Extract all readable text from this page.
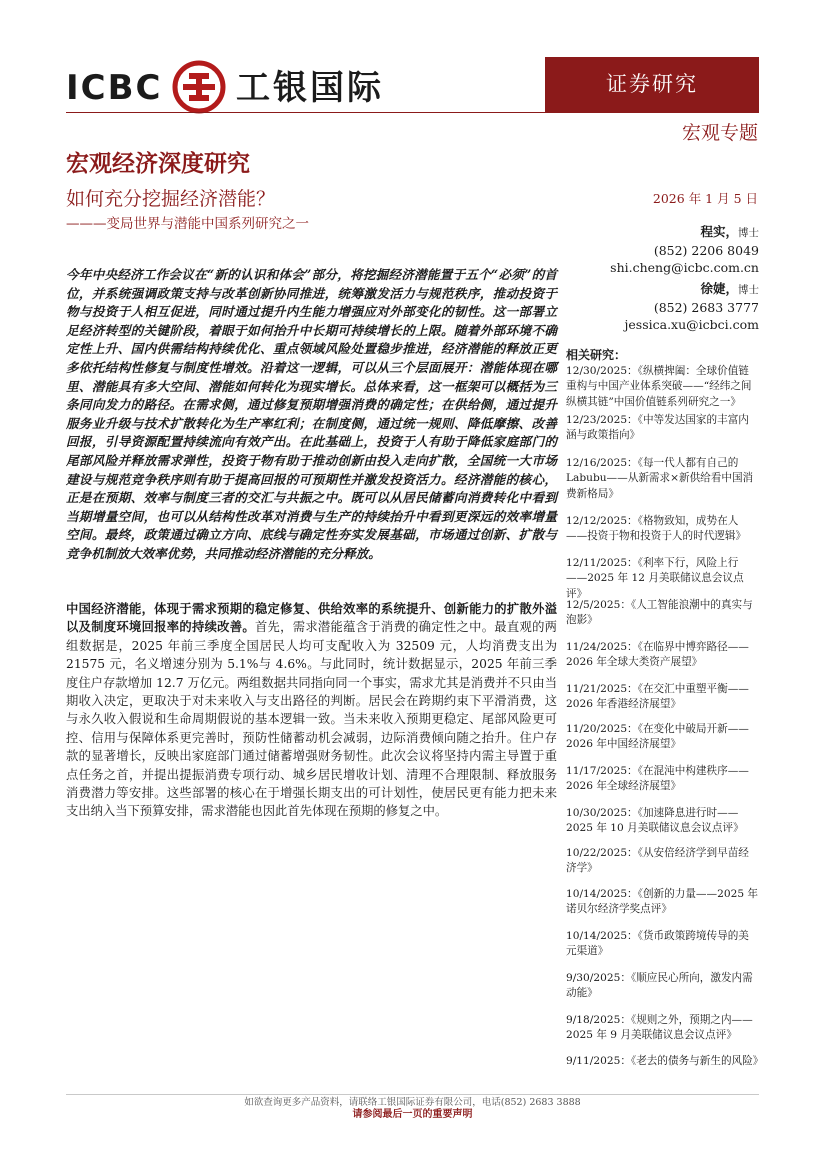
ICBC 工银国际	证券研究
宏观专题
宏观经济深度研究
如何充分挖掘经济潜能？
———变局世界与潜能中国系列研究之一
2026 年 1 月 5 日
程实，博士
(852) 2206 8049
shi.cheng@icbc.com.cn
徐婕，博士
(852) 2683 3777
jessica.xu@icbci.com
今年中央经济工作会议在“新的认识和体会”部分，将挖掘经济潜能置于五个“必须”的首位，并系统强调政策支持与改革创新协同推进，统筹激发活力与规范秩序，推动投资于物与投资于人相互促进，同时通过提升内生能力增强应对外部变化的韧性。这一部署立足经济转型的关键阶段，着眼于如何抬升中长期可持续增长的上限。随着外部环境不确定性上升、国内供需结构持续优化、重点领域风险处置稳步推进，经济潜能的释放正更多依托结构性修复与制度性增效。沿着这一逻辑，可以从三个层面展开：潜能体现在哪里、潜能具有多大空间、潜能如何转化为现实增长。总体来看，这一框架可以概括为三条同向发力的路径。在需求侧，通过修复预期增强消费的确定性；在供给侧，通过提升服务业升级与技术扩散转化为生产率红利；在制度侧，通过统一规则、降低摩擦、改善回报，引导资源配置持续流向有效产出。在此基础上，投资于人有助于降低家庭部门的尾部风险并释放需求弹性，投资于物有助于推动创新由投入走向扩散，全国统一大市场建设与规范竞争秩序则有助于提高回报的可预期性并激发投资活力。经济潜能的核心，正是在预期、效率与制度三者的交汇与共振之中。既可以从居民储蓄向消费转化中看到当期增量空间，也可以从结构性改革对消费与生产的持续抬升中看到更深远的效率增量空间。最终，政策通过确立方向、底线与确定性夯实发展基础，市场通过创新、扩散与竞争机制放大效率优势，共同推动经济潜能的充分释放。
中国经济潜能，体现于需求预期的稳定修复、供给效率的系统提升、创新能力的扩散外溢以及制度环境回报率的持续改善。首先，需求潜能蕴含于消费的确定性之中。最直观的两组数据是，2025 年前三季度全国居民人均可支配收入为 32509 元，人均消费支出为 21575 元，名义增速分别为 5.1%与 4.6%。与此同时，统计数据显示，2025 年前三季度住户存款增加 12.7 万亿元。两组数据共同指向同一个事实，需求尤其是消费并不只由当期收入决定，更取决于对未来收入与支出路径的判断。居民会在跨期约束下平滑消费，这与永久收入假说和生命周期假说的基本逻辑一致。当未来收入预期更稳定、尾部风险更可控、信用与保障体系更完善时，预防性储蓄动机会减弱，边际消费倾向随之抬升。住户存款的显著增长，反映出家庭部门通过储蓄增强财务韧性。此次会议将坚持内需主导置于重点任务之首，并提出提振消费专项行动、城乡居民增收计划、清理不合理限制、释放服务消费潜力等安排。这些部署的核心在于增强长期支出的可计划性，使居民更有能力把未来支出纳入当下预算安排，需求潜能也因此首先体现在预期的修复之中。
相关研究：
12/30/2025：《纵横捭阖：全球价值链重构与中国产业体系突破——“经纬之间 纵横其链”中国价值链系列研究之一》
12/23/2025：《中等发达国家的丰富内涵与政策指向》
12/16/2025：《每一代人都有自己的Labubu——从新需求×新供给看中国消费新格局》
12/12/2025：《格物致知，成势在人——投资于物和投资于人的时代逻辑》
12/11/2025：《利率下行，风险上行——2025 年 12 月美联储议息会议点评》
12/5/2025：《人工智能浪潮中的真实与泡影》
11/24/2025：《在临界中博弈路径——2026 年全球大类资产展望》
11/21/2025：《在交汇中重塑平衡——2026 年香港经济展望》
11/20/2025：《在变化中破局开新——2026 年中国经济展望》
11/17/2025：《在混沌中构建秩序——2026 年全球经济展望》
10/30/2025：《加速降息进行时——2025 年 10 月美联储议息会议点评》
10/22/2025：《从安倍经济学到早苗经济学》
10/14/2025：《创新的力量——2025 年诺贝尔经济学奖点评》
10/14/2025：《货币政策跨境传导的美元渠道》
9/30/2025：《顺应民心所向，激发内需动能》
9/18/2025：《规则之外，预期之内——2025 年 9 月美联储议息会议点评》
9/11/2025：《老去的债务与新生的风险》
如欲查询更多产品资料，请联络工银国际证券有限公司，电话(852) 2683 3888
请参阅最后一页的重要声明
